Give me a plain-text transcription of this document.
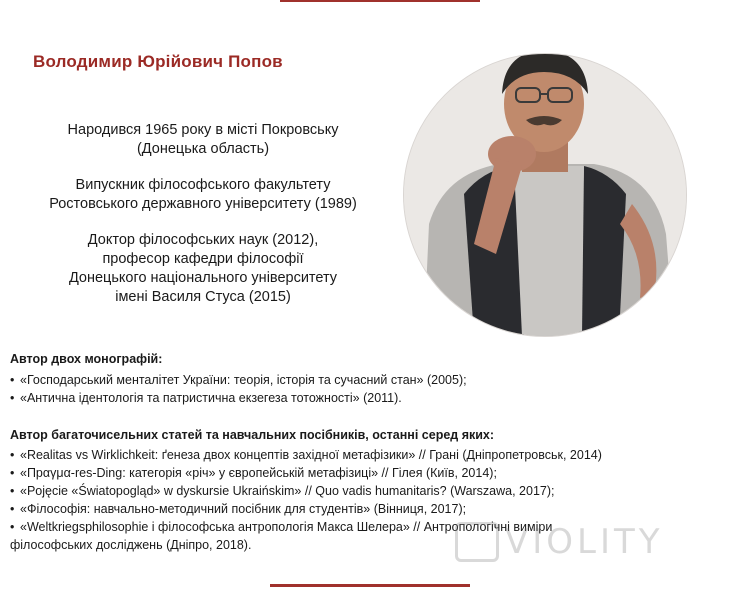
Володимир Юрійович Попов

Народився 1965 року в місті Покровську
(Донецька область)

Випускник філософського факультету
Ростовського державного університету (1989)

Доктор філософських наук (2012),
професор кафедри філософії
Донецького національного університету
імені Василя Стуса (2015)

Автор двох монографій:
• «Господарський менталітет України: теорія, історія та сучасний стан» (2005);
• «Антична ідентологія та патристична екзегеза тотожності» (2011).
Автор багаточисельних статей та навчальних посібників, останні серед яких:
• «Realitas vs Wirklichkeit: ґенеза двох концептів західної метафізики» // Грані (Дніпропетровськ, 2014)
• «Прαγμα-res-Ding: категорія «річ» у європейській метафізиці» // Гілея (Київ, 2014);
• «Pojęcie «Światopogląd» w dyskursie Ukraińskim» // Quo vadis humanitaris? (Warszawa, 2017);
• «Філософія: навчально-методичний посібник для студентів» (Вінниця, 2017);
• «Weltkriegsphilosophie і філософська антропологія Макса Шелера» // Антропологічні виміри
філософських досліджень (Дніпро, 2018).	VIOLITY
